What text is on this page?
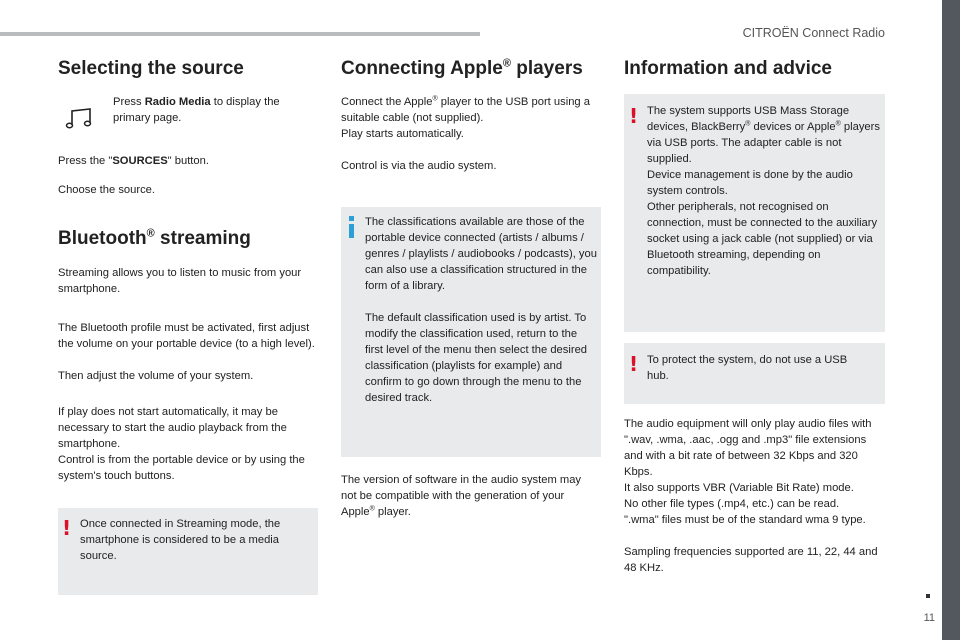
CITROËN Connect Radio
11
Selecting the source

Press Radio Media to display the primary page.

Press the "SOURCES" button.

Choose the source.

Bluetooth® streaming

Streaming allows you to listen to music from your smartphone.

The Bluetooth profile must be activated, first adjust the volume on your portable device (to a high level).

Then adjust the volume of your system.

If play does not start automatically, it may be necessary to start the audio playback from the smartphone.

Control is from the portable device or by using the system's touch buttons.

! Once connected in Streaming mode, the smartphone is considered to be a media source.

Connecting Apple® players

Connect the Apple® player to the USB port using a suitable cable (not supplied).

Play starts automatically.

Control is via the audio system.

The classifications available are those of the portable device connected (artists / albums / genres / playlists / audiobooks / podcasts), you can also use a classification structured in the form of a library.

The default classification used is by artist. To modify the classification used, return to the first level of the menu then select the desired classification (playlists for example) and confirm to go down through the menu to the desired track.

The version of software in the audio system may not be compatible with the generation of your Apple® player.

Information and advice
! The system supports USB Mass Storage devices, BlackBerry® devices or Apple® players via USB ports. The adapter cable is not supplied.

Device management is done by the audio system controls.

Other peripherals, not recognised on connection, must be connected to the auxiliary socket using a jack cable (not supplied) or via Bluetooth streaming, depending on compatibility.

! To protect the system, do not use a USB hub.

The audio equipment will only play audio files with ".wav, .wma, .aac, .ogg and .mp3" file extensions and with a bit rate of between 32 Kbps and 320 Kbps.

It also supports VBR (Variable Bit Rate) mode.

No other file types (.mp4, etc.) can be read.

".wma" files must be of the standard wma 9 type.

Sampling frequencies supported are 11, 22, 44 and 48 KHz.
